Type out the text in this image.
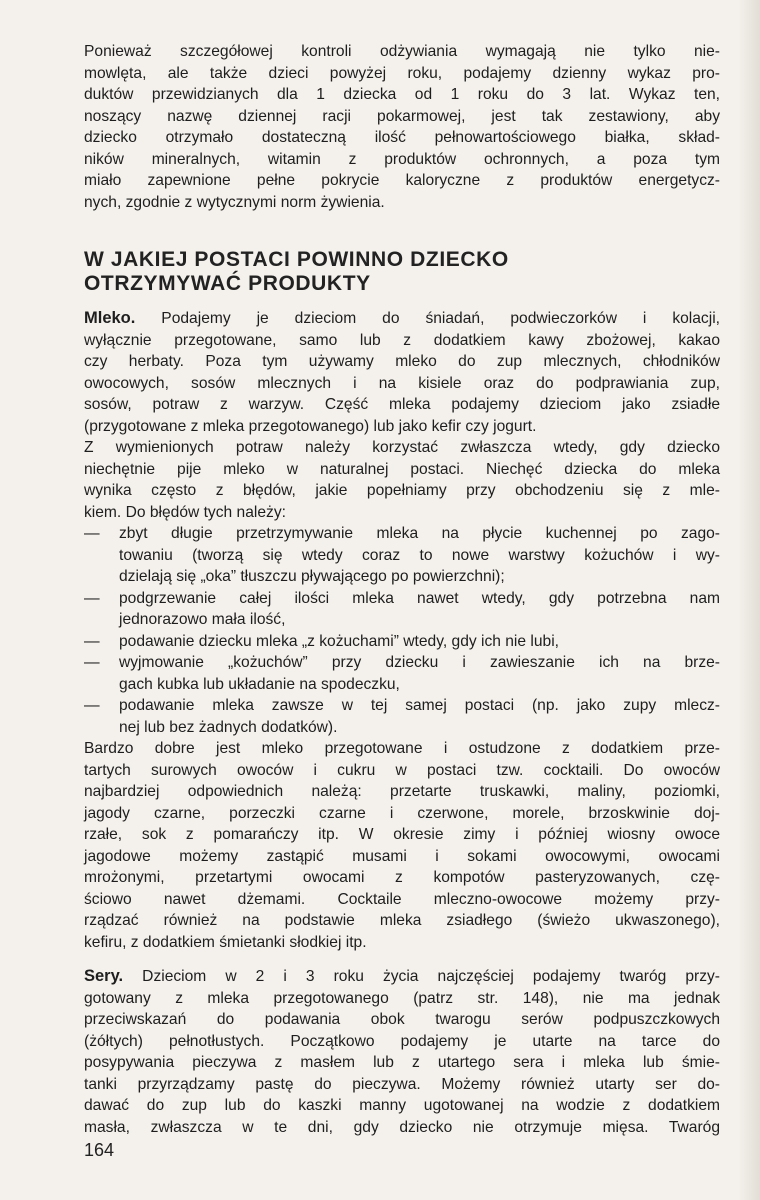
Ponieważ szczegółowej kontroli odżywiania wymagają nie tylko nie-
mowlęta, ale także dzieci powyżej roku, podajemy dzienny wykaz pro-
duktów przewidzianych dla 1 dziecka od 1 roku do 3 lat. Wykaz ten,
noszący nazwę dziennej racji pokarmowej, jest tak zestawiony, aby
dziecko otrzymało dostateczną ilość pełnowartościowego białka, skład-
ników mineralnych, witamin z produktów ochronnych, a poza tym
miało zapewnione pełne pokrycie kaloryczne z produktów energetycz-
nych, zgodnie z wytycznymi norm żywienia.
W JAKIEJ POSTACI POWINNO DZIECKO
OTRZYMYWAĆ PRODUKTY
Mleko. Podajemy je dzieciom do śniadań, podwieczorków i kolacji,
wyłącznie przegotowane, samo lub z dodatkiem kawy zbożowej, kakao
czy herbaty. Poza tym używamy mleko do zup mlecznych, chłodników
owocowych, sosów mlecznych i na kisiele oraz do podprawiania zup,
sosów, potraw z warzyw. Część mleka podajemy dzieciom jako zsiadłe
(przygotowane z mleka przegotowanego) lub jako kefir czy jogurt.
Z wymienionych potraw należy korzystać zwłaszcza wtedy, gdy dziecko
niechętnie pije mleko w naturalnej postaci. Niechęć dziecka do mleka
wynika często z błędów, jakie popełniamy przy obchodzeniu się z mle-
kiem. Do błędów tych należy:
— zbyt długie przetrzymywanie mleka na płycie kuchennej po zago-
towaniu (tworzą się wtedy coraz to nowe warstwy kożuchów i wy-
dzielają się „oka” tłuszczu pływającego po powierzchni);
— podgrzewanie całej ilości mleka nawet wtedy, gdy potrzebna nam
jednorazowo mała ilość,
— podawanie dziecku mleka „z kożuchami” wtedy, gdy ich nie lubi,
— wyjmowanie „kożuchów” przy dziecku i zawieszanie ich na brze-
gach kubka lub układanie na spodeczku,
— podawanie mleka zawsze w tej samej postaci (np. jako zupy mlecz-
nej lub bez żadnych dodatków).
Bardzo dobre jest mleko przegotowane i ostudzone z dodatkiem prze-
tartych surowych owoców i cukru w postaci tzw. cocktaili. Do owoców
najbardziej odpowiednich należą: przetarte truskawki, maliny, poziomki,
jagody czarne, porzeczki czarne i czerwone, morele, brzoskwinie doj-
rzałe, sok z pomarańczy itp. W okresie zimy i później wiosny owoce
jagodowe możemy zastąpić musami i sokami owocowymi, owocami
mrożonymi, przetartymi owocami z kompotów pasteryzowanych, czę-
ściowo nawet dżemami. Cocktaile mleczno-owocowe możemy przy-
rządzać również na podstawie mleka zsiadłego (świeżo ukwaszonego),
kefiru, z dodatkiem śmietanki słodkiej itp.
Sery. Dzieciom w 2 i 3 roku życia najczęściej podajemy twaróg przy-
gotowany z mleka przegotowanego (patrz str. 148), nie ma jednak
przeciwskazań do podawania obok twarogu serów podpuszczkowych
(żółtych) pełnotłustych. Początkowo podajemy je utarte na tarce do
posypywania pieczywa z masłem lub z utartego sera i mleka lub śmie-
tanki przyrządzamy pastę do pieczywa. Możemy również utarty ser do-
dawać do zup lub do kaszki manny ugotowanej na wodzie z dodatkiem
masła, zwłaszcza w te dni, gdy dziecko nie otrzymuje mięsa. Twaróg
164
